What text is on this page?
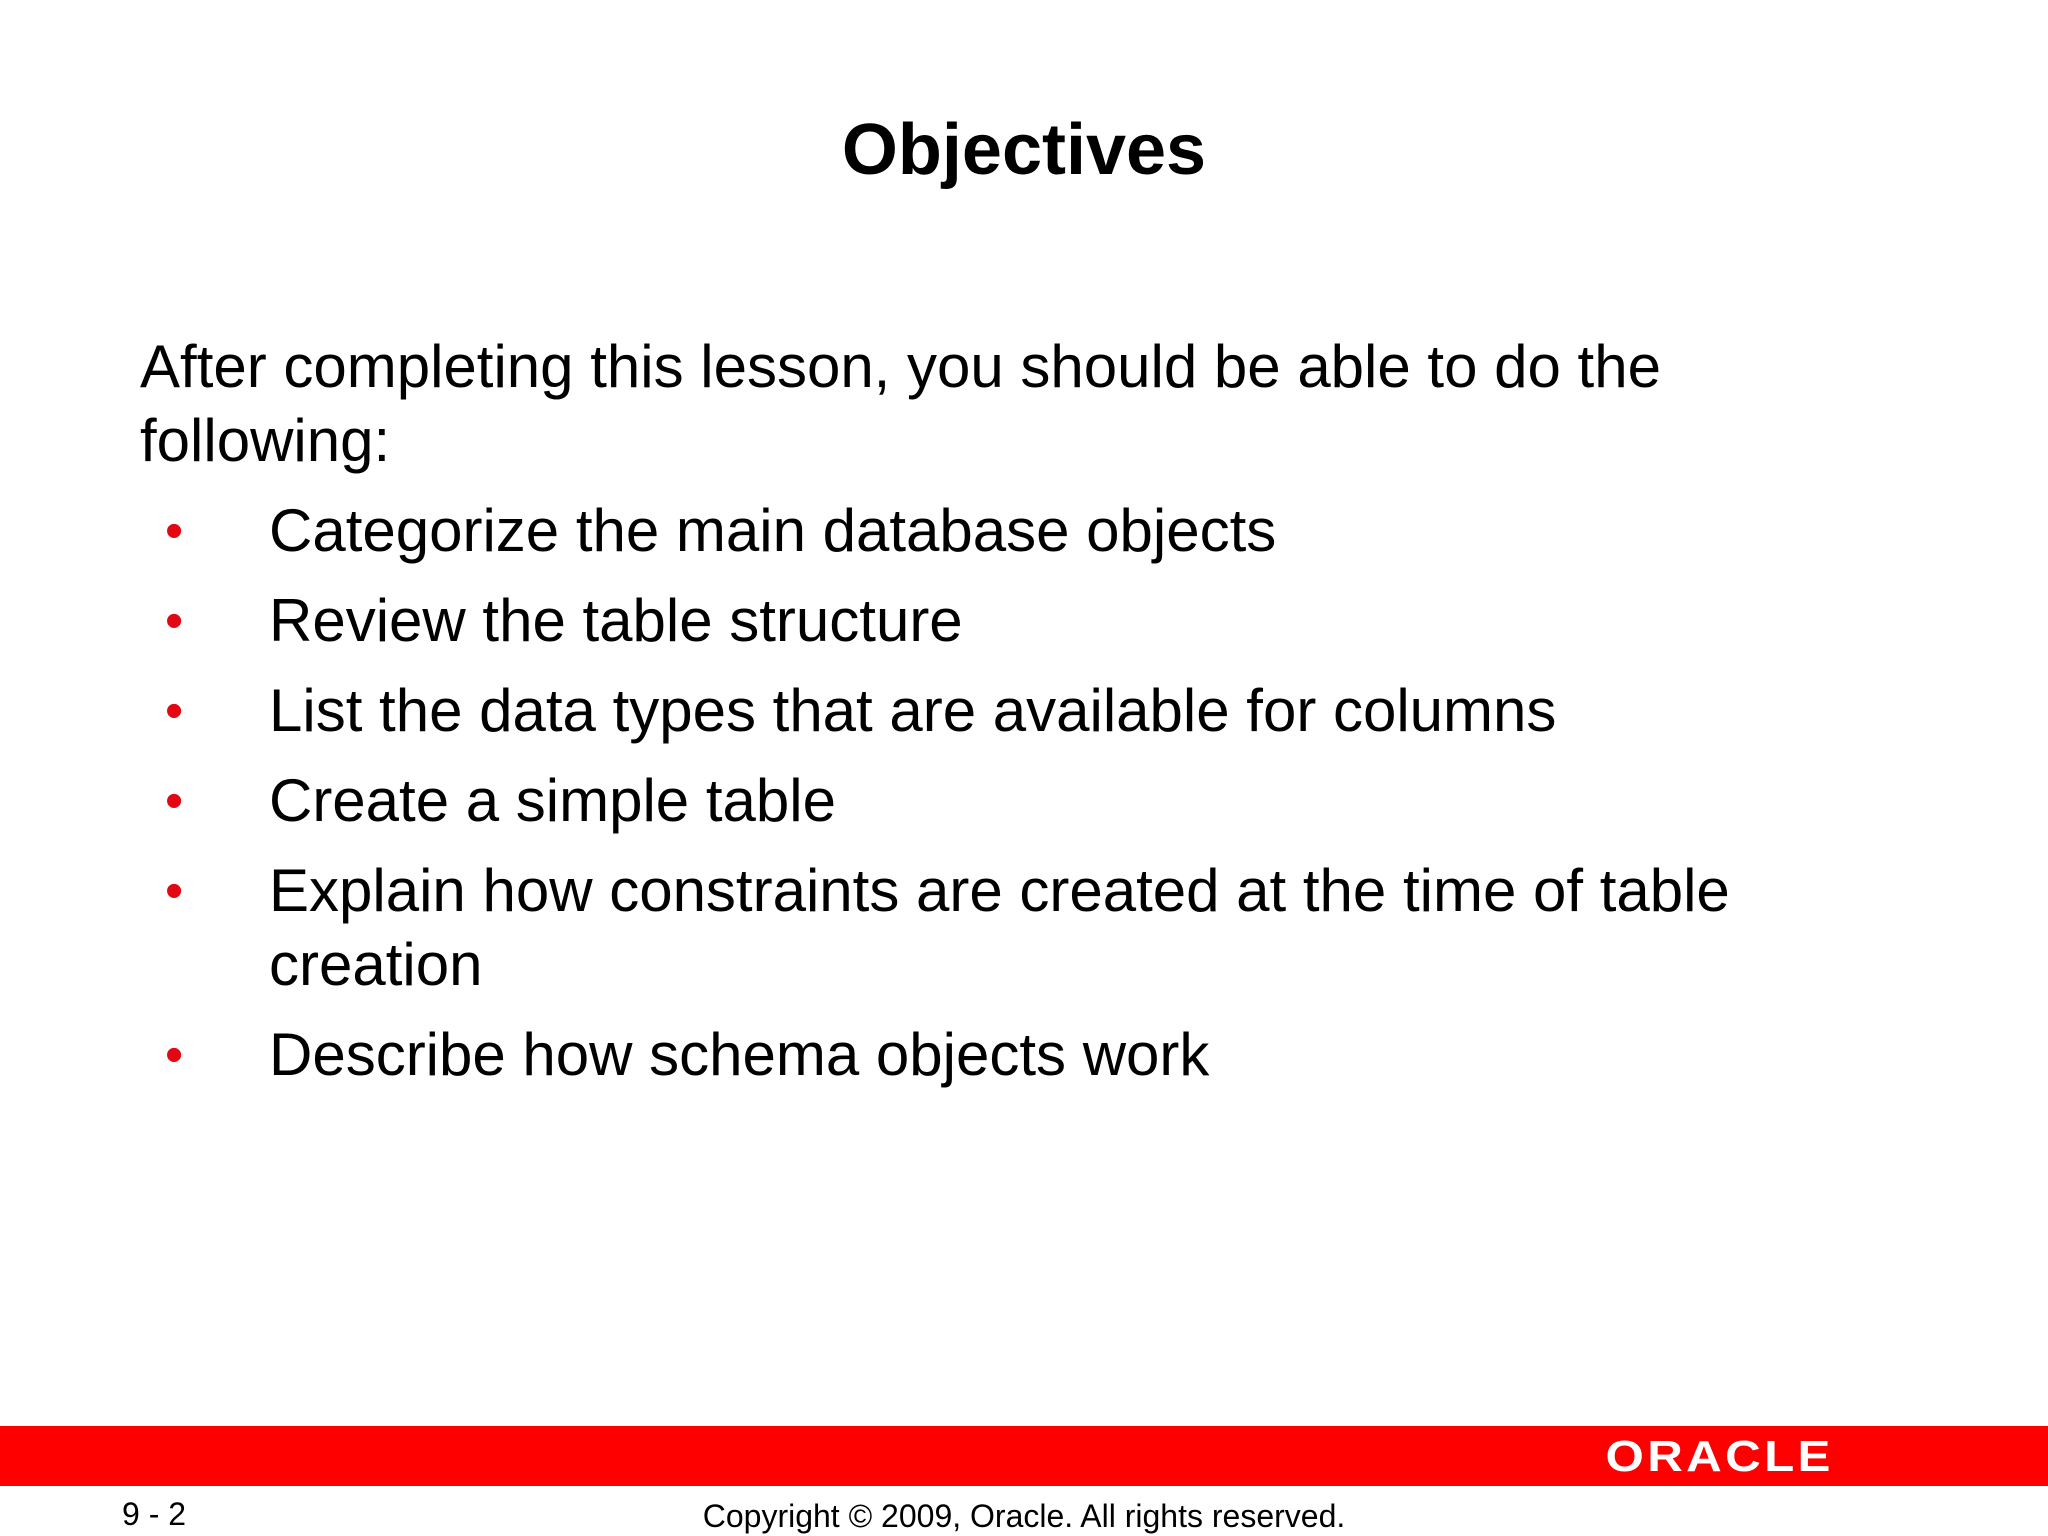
Objectives

After completing this lesson, you should be able to do the following:

• Categorize the main database objects
• Review the table structure
• List the data types that are available for columns
• Create a simple table
• Explain how constraints are created at the time of table creation
• Describe how schema objects work
ORACLE
9 - 2	Copyright © 2009, Oracle. All rights reserved.
